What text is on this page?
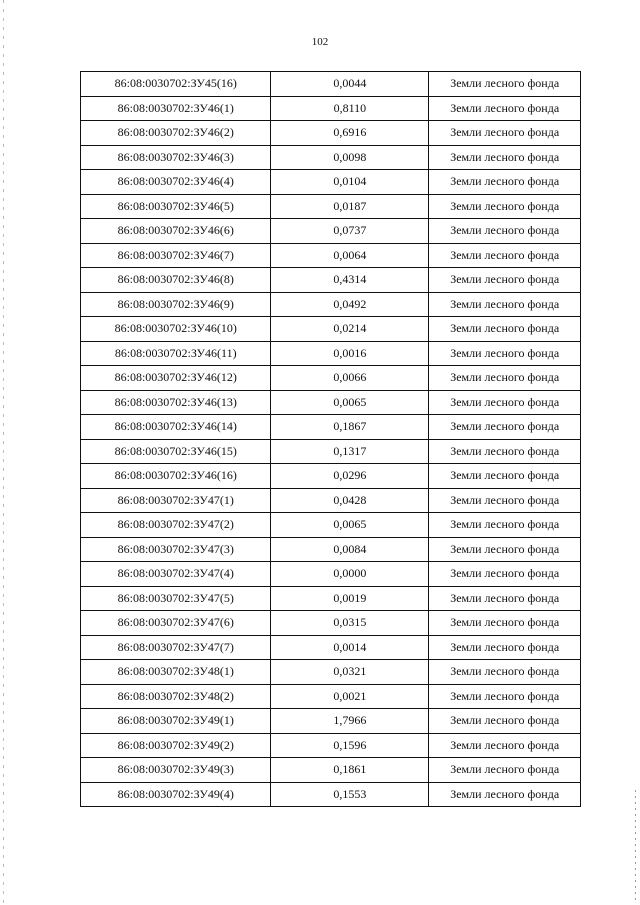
102
86:08:0030702:ЗУ45(16)	0,0044	Земли лесного фонда
86:08:0030702:ЗУ46(1)	0,8110	Земли лесного фонда
86:08:0030702:ЗУ46(2)	0,6916	Земли лесного фонда
86:08:0030702:ЗУ46(3)	0,0098	Земли лесного фонда
86:08:0030702:ЗУ46(4)	0,0104	Земли лесного фонда
86:08:0030702:ЗУ46(5)	0,0187	Земли лесного фонда
86:08:0030702:ЗУ46(6)	0,0737	Земли лесного фонда
86:08:0030702:ЗУ46(7)	0,0064	Земли лесного фонда
86:08:0030702:ЗУ46(8)	0,4314	Земли лесного фонда
86:08:0030702:ЗУ46(9)	0,0492	Земли лесного фонда
86:08:0030702:ЗУ46(10)	0,0214	Земли лесного фонда
86:08:0030702:ЗУ46(11)	0,0016	Земли лесного фонда
86:08:0030702:ЗУ46(12)	0,0066	Земли лесного фонда
86:08:0030702:ЗУ46(13)	0,0065	Земли лесного фонда
86:08:0030702:ЗУ46(14)	0,1867	Земли лесного фонда
86:08:0030702:ЗУ46(15)	0,1317	Земли лесного фонда
86:08:0030702:ЗУ46(16)	0,0296	Земли лесного фонда
86:08:0030702:ЗУ47(1)	0,0428	Земли лесного фонда
86:08:0030702:ЗУ47(2)	0,0065	Земли лесного фонда
86:08:0030702:ЗУ47(3)	0,0084	Земли лесного фонда
86:08:0030702:ЗУ47(4)	0,0000	Земли лесного фонда
86:08:0030702:ЗУ47(5)	0,0019	Земли лесного фонда
86:08:0030702:ЗУ47(6)	0,0315	Земли лесного фонда
86:08:0030702:ЗУ47(7)	0,0014	Земли лесного фонда
86:08:0030702:ЗУ48(1)	0,0321	Земли лесного фонда
86:08:0030702:ЗУ48(2)	0,0021	Земли лесного фонда
86:08:0030702:ЗУ49(1)	1,7966	Земли лесного фонда
86:08:0030702:ЗУ49(2)	0,1596	Земли лесного фонда
86:08:0030702:ЗУ49(3)	0,1861	Земли лесного фонда
86:08:0030702:ЗУ49(4)	0,1553	Земли лесного фонда
